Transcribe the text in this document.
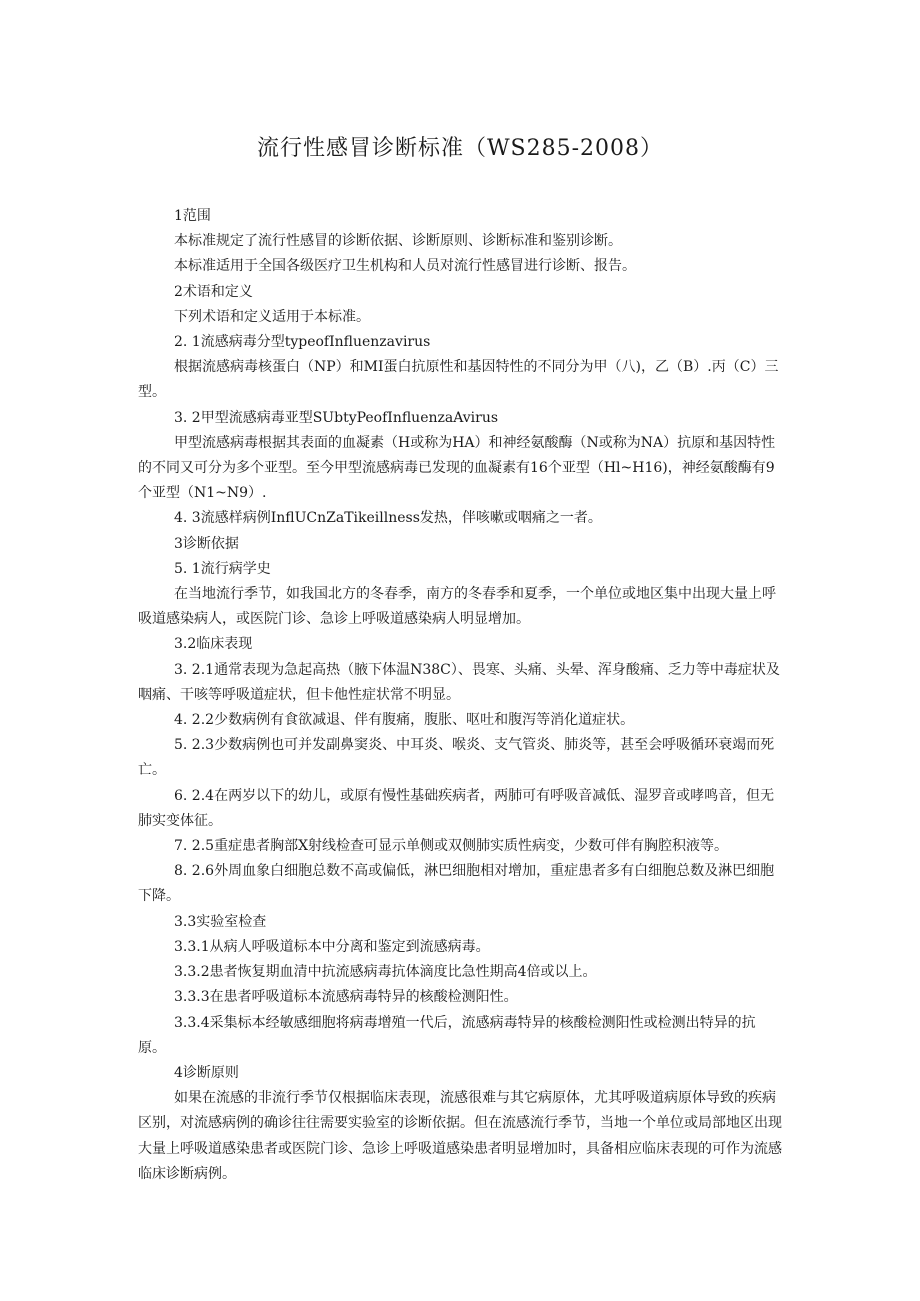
流行性感冒诊断标准（WS285-2008）

1范围

本标准规定了流行性感冒的诊断依据、诊断原则、诊断标准和鉴别诊断。

本标准适用于全国各级医疗卫生机构和人员对流行性感冒进行诊断、报告。

2术语和定义

下列术语和定义适用于本标准。

2. 1流感病毒分型typeofInfluenzavirus

根据流感病毒核蛋白（NP）和MI蛋白抗原性和基因特性的不同分为甲（八)，乙（B）.丙（C）三型。

3. 2甲型流感病毒亚型SUbtyPeofInfluenzaAvirus

甲型流感病毒根据其表面的血凝素（H或称为HA）和神经氨酸酶（N或称为NA）抗原和基因特性的不同又可分为多个亚型。至今甲型流感病毒已发现的血凝素有16个亚型（Hl~H16)，神经氨酸酶有9个亚型（N1~N9）.

4. 3流感样病例InflUCnZaTikeillness发热，伴咳嗽或咽痛之一者。

3诊断依据

5. 1流行病学史

在当地流行季节，如我国北方的冬春季，南方的冬春季和夏季，一个单位或地区集中出现大量上呼吸道感染病人，或医院门诊、急诊上呼吸道感染病人明显增加。

3.2临床表现

3. 2.1通常表现为急起高热（腋下体温N38C）、畏寒、头痛、头晕、浑身酸痛、乏力等中毒症状及咽痛、干咳等呼吸道症状，但卡他性症状常不明显。

4. 2.2少数病例有食欲减退、伴有腹痛，腹胀、呕吐和腹泻等消化道症状。

5. 2.3少数病例也可并发副鼻窦炎、中耳炎、喉炎、支气管炎、肺炎等，甚至会呼吸循环衰竭而死亡。

6. 2.4在两岁以下的幼儿，或原有慢性基础疾病者，两肺可有呼吸音减低、湿罗音或哮鸣音，但无肺实变体征。

7. 2.5重症患者胸部X射线检查可显示单侧或双侧肺实质性病变，少数可伴有胸腔积液等。

8. 2.6外周血象白细胞总数不高或偏低，淋巴细胞相对增加，重症患者多有白细胞总数及淋巴细胞下降。

3.3实验室检查

3.3.1从病人呼吸道标本中分离和鉴定到流感病毒。

3.3.2患者恢复期血清中抗流感病毒抗体滴度比急性期高4倍或以上。

3.3.3在患者呼吸道标本流感病毒特异的核酸检测阳性。

3.3.4采集标本经敏感细胞将病毒增殖一代后，流感病毒特异的核酸检测阳性或检测出特异的抗原。

4诊断原则

如果在流感的非流行季节仅根据临床表现，流感很难与其它病原体，尤其呼吸道病原体导致的疾病区别，对流感病例的确诊往往需要实验室的诊断依据。但在流感流行季节，当地一个单位或局部地区出现大量上呼吸道感染患者或医院门诊、急诊上呼吸道感染患者明显增加时，具备相应临床表现的可作为流感临床诊断病例。
